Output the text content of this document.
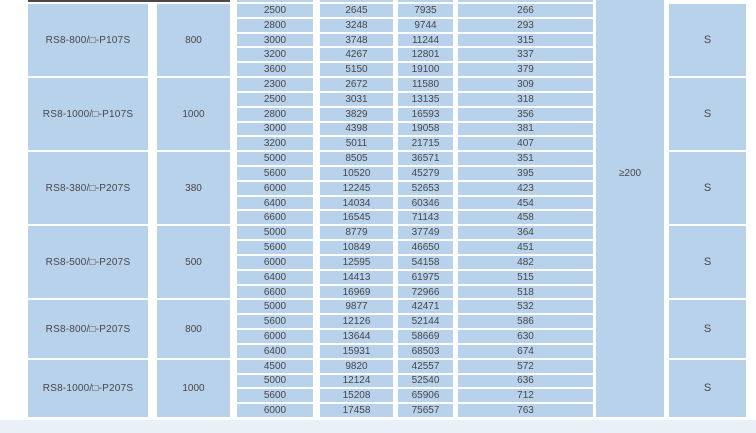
≥200
RS8-800/□-P107S	800
2500	2645	7935	266
2800	3248	9744	293
3000	3748	11244	315
3200	4267	12801	337
3600	5150	19100	379
S
RS8-1000/□-P107S	1000
2300	2672	11580	309
2500	3031	13135	318
2800	3829	16593	356
3000	4398	19058	381
3200	5011	21715	407
S
RS8-380/□-P207S	380
5000	8505	36571	351
5600	10520	45279	395
6000	12245	52653	423
6400	14034	60346	454
6600	16545	71143	458
S
RS8-500/□-P207S	500
5000	8779	37749	364
5600	10849	46650	451
6000	12595	54158	482
6400	14413	61975	515
6600	16969	72966	518
S
RS8-800/□-P207S	800
5000	9877	42471	532
5600	12126	52144	586
6000	13644	58669	630
6400	15931	68503	674
S
RS8-1000/□-P207S	1000
4500	9820	42557	572
5000	12124	52540	636
5600	15208	65906	712
6000	17458	75657	763
S
